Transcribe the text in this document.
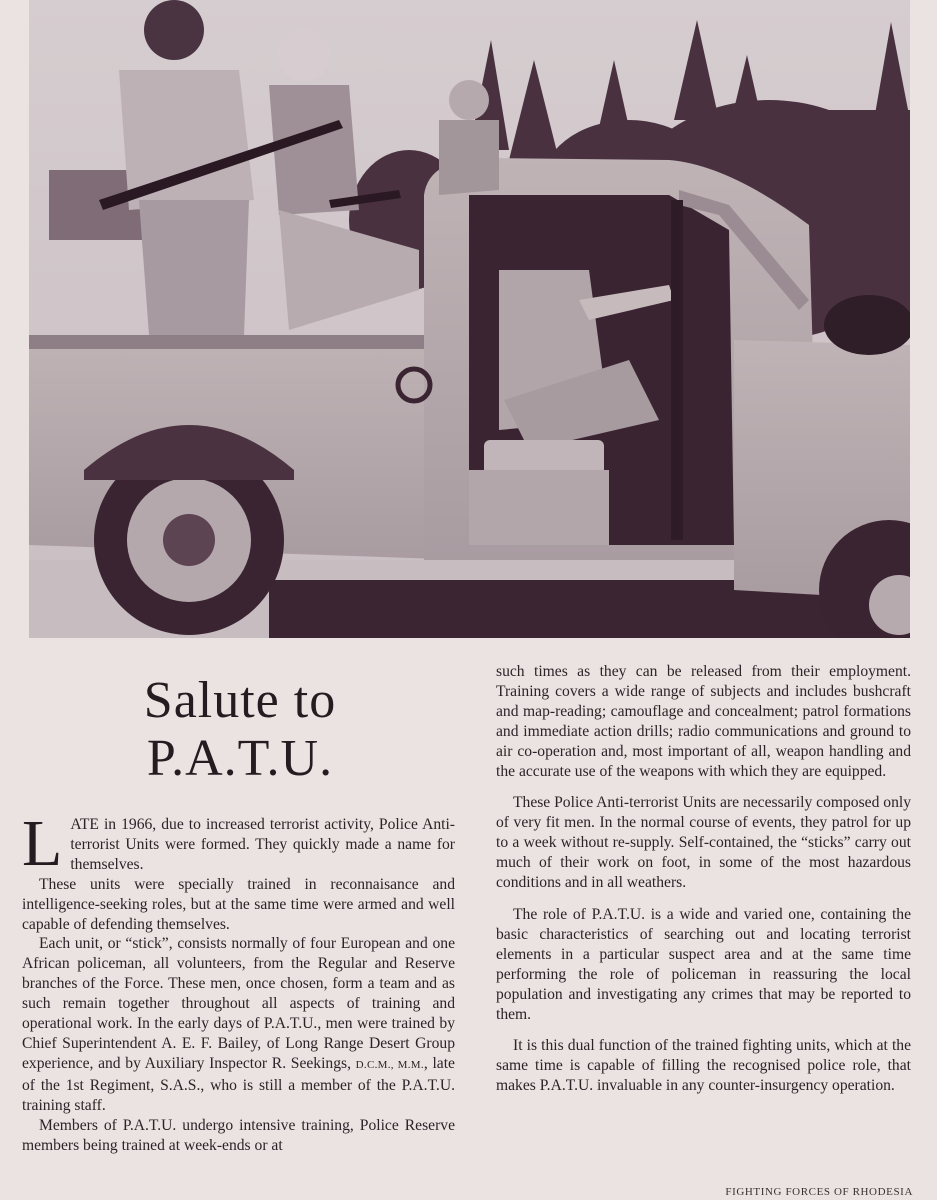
Salute to
P.A.T.U.

LATE in 1966, due to increased terrorist activity, Police Anti-terrorist Units were formed. They quickly made a name for themselves.

These units were specially trained in reconnaisance and intelligence-seeking roles, but at the same time were armed and well capable of defending themselves.

Each unit, or “stick”, consists normally of four European and one African policeman, all volunteers, from the Regular and Reserve branches of the Force. These men, once chosen, form a team and as such remain together throughout all aspects of training and operational work. In the early days of P.A.T.U., men were trained by Chief Superintendent A. E. F. Bailey, of Long Range Desert Group experience, and by Auxiliary Inspector R. Seekings, D.C.M., M.M., late of the 1st Regiment, S.A.S., who is still a member of the P.A.T.U. training staff.

Members of P.A.T.U. undergo intensive training, Police Reserve members being trained at week-ends or at

such times as they can be released from their employment. Training covers a wide range of subjects and includes bushcraft and map-reading; camouflage and concealment; patrol formations and immediate action drills; radio communications and ground to air co-operation and, most important of all, weapon handling and the accurate use of the weapons with which they are equipped.

These Police Anti-terrorist Units are necessarily composed only of very fit men. In the normal course of events, they patrol for up to a week without re-supply. Self-contained, the “sticks” carry out much of their work on foot, in some of the most hazardous conditions and in all weathers.

The role of P.A.T.U. is a wide and varied one, containing the basic characteristics of searching out and locating terrorist elements in a particular suspect area and at the same time performing the role of policeman in reassuring the local population and investigating any crimes that may be reported to them.

It is this dual function of the trained fighting units, which at the same time is capable of filling the recognised police role, that makes P.A.T.U. invaluable in any counter-insurgency operation.

FIGHTING FORCES OF RHODESIA
